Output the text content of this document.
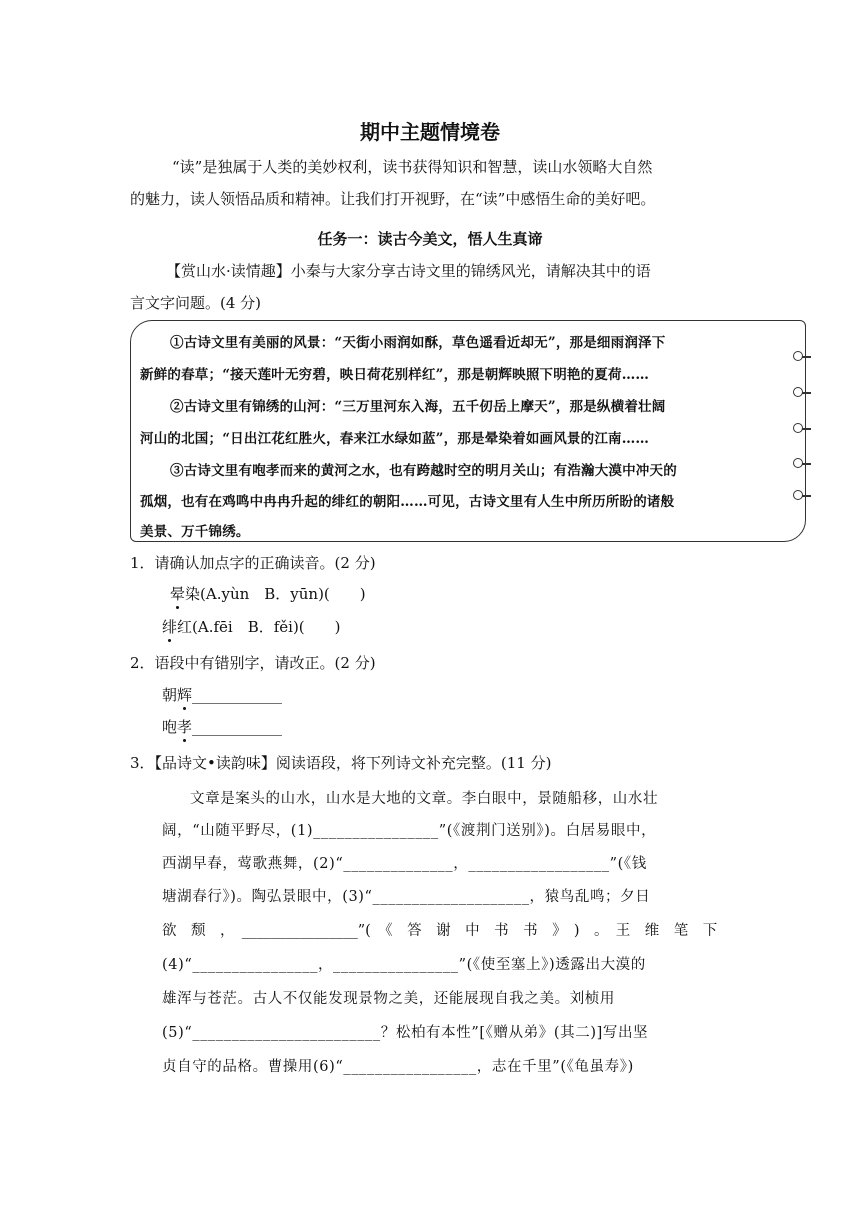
期中主题情境卷
“读”是独属于人类的美妙权利，读书获得知识和智慧，读山水领略大自然
的魅力，读人领悟品质和精神。让我们打开视野，在“读”中感悟生命的美好吧。
任务一：读古今美文，悟人生真谛
【赏山水·读情趣】小秦与大家分享古诗文里的锦绣风光，请解决其中的语
言文字问题。(4 分)
①古诗文里有美丽的风景：“天街小雨润如酥，草色遥看近却无”，那是细雨润泽下
新鲜的春草；“接天莲叶无穷碧，映日荷花别样红”，那是朝辉映照下明艳的夏荷……
②古诗文里有锦绣的山河：“三万里河东入海，五千仞岳上摩天”，那是纵横着壮阔
河山的北国；“日出江花红胜火，春来江水绿如蓝”，那是晕染着如画风景的江南……
③古诗文里有咆孝而来的黄河之水，也有跨越时空的明月关山；有浩瀚大漠中冲天的
孤烟，也有在鸡鸣中冉冉升起的绯红的朝阳……可见，古诗文里有人生中所历所盼的诸般
美景、万千锦绣。
1．请确认加点字的正确读音。(2 分)
晕染(A.yùn　B．yūn)(　　)
绯红(A.fēi　B．fěi)(　　)
2．语段中有错别字，请改正。(2 分)
朝辉____________
咆孝____________
3．【品诗文•读韵味】阅读语段，将下列诗文补充完整。(11 分)
文章是案头的山水，山水是大地的文章。李白眼中，景随船移，山水壮
阔，“山随平野尽，(1)________________”(《渡荆门送别》)。白居易眼中，
西湖早春，莺歌燕舞，(2)“______________，__________________”(《钱
塘湖春行》)。陶弘景眼中，(3)“____________________，猿鸟乱鸣；夕日
欲　颓　，　________________”(　《　答　谢　中　书　书　》　)　。　王　维　笔　下
(4)“________________，________________”(《使至塞上》)透露出大漠的
雄浑与苍茫。古人不仅能发现景物之美，还能展现自我之美。刘桢用
(5)“________________________？松柏有本性”[《赠从弟》(其二)]写出坚
贞自守的品格。曹操用(6)“_________________，志在千里”(《龟虽寿》)
